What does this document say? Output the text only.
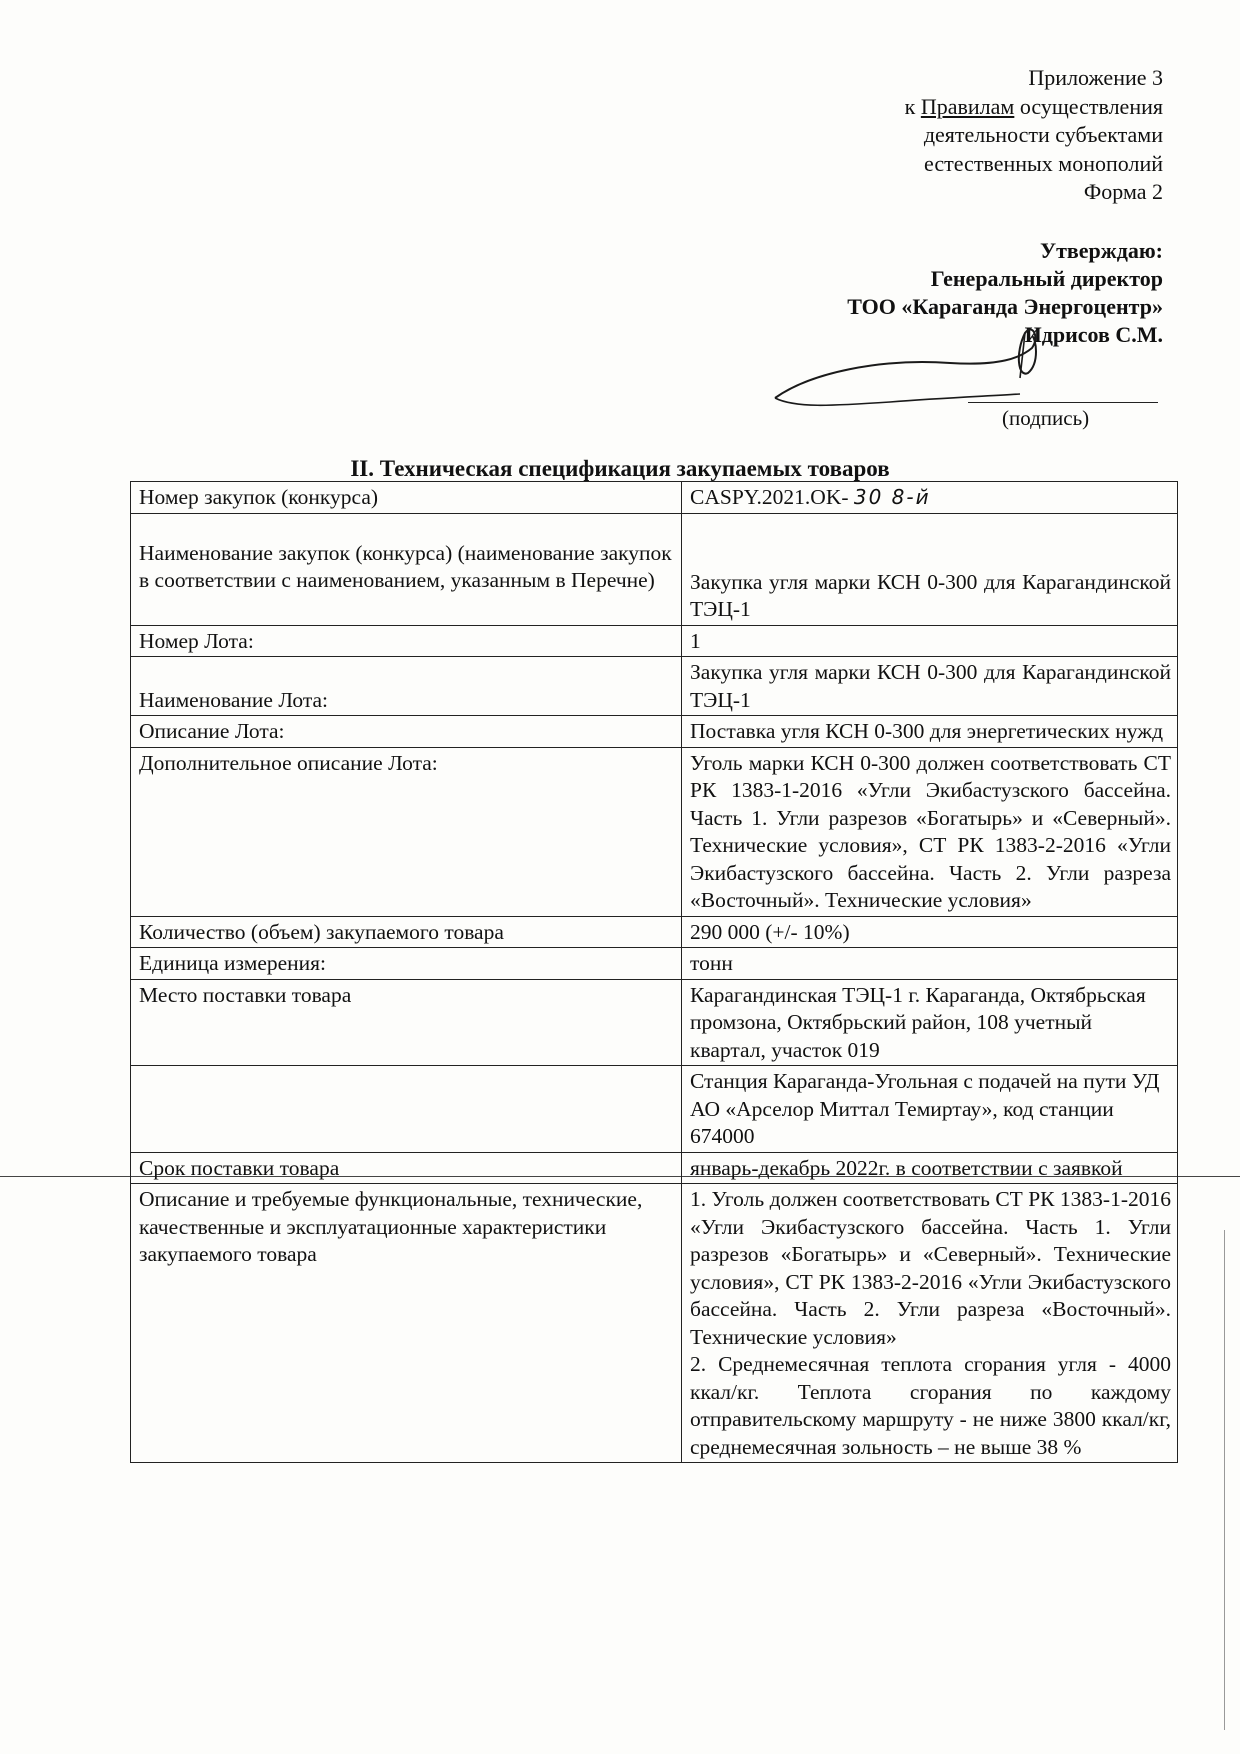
Приложение 3
к Правилам осуществления
деятельности субъектами
естественных монополий
Форма 2
Утверждаю:
Генеральный директор
ТОО «Караганда Энергоцентр»
Идрисов С.М.
(подпись)
II. Техническая спецификация закупаемых товаров
Номер закупок (конкурса)	CASPY.2021.OK- 30 8-й
Наименование закупок (конкурса) (наименование закупок в соответствии с наименованием, указанным в Перечне)	Закупка угля марки КСН 0-300 для Карагандинской ТЭЦ-1
Номер Лота:	1
Наименование Лота:	Закупка угля марки КСН 0-300 для Карагандинской ТЭЦ-1
Описание Лота:	Поставка угля КСН 0-300 для энергетических нужд
Дополнительное описание Лота:	Уголь марки КСН 0-300 должен соответствовать СТ РК 1383-1-2016 «Угли Экибастузского бассейна. Часть 1. Угли разрезов «Богатырь» и «Северный». Технические условия», СТ РК 1383-2-2016 «Угли Экибастузского бассейна. Часть 2. Угли разреза «Восточный». Технические условия»
Количество (объем) закупаемого товара	290 000 (+/- 10%)
Единица измерения:	тонн
Место поставки товара	Карагандинская ТЭЦ-1 г. Караганда, Октябрьская промзона, Октябрьский район, 108 учетный квартал, участок 019
	Станция Караганда-Угольная с подачей на пути УД АО «Арселор Миттал Темиртау», код станции 674000
Срок поставки товара	январь-декабрь 2022г. в соответствии с заявкой
Описание и требуемые функциональные, технические, качественные и эксплуатационные характеристики закупаемого товара	1. Уголь должен соответствовать СТ РК 1383-1-2016 «Угли Экибастузского бассейна. Часть 1. Угли разрезов «Богатырь» и «Северный». Технические условия», СТ РК 1383-2-2016 «Угли Экибастузского бассейна. Часть 2. Угли разреза «Восточный». Технические условия»
2. Среднемесячная теплота сгорания угля - 4000 ккал/кг. Теплота сгорания по каждому отправительскому маршруту - не ниже 3800 ккал/кг, среднемесячная зольность – не выше 38 %
